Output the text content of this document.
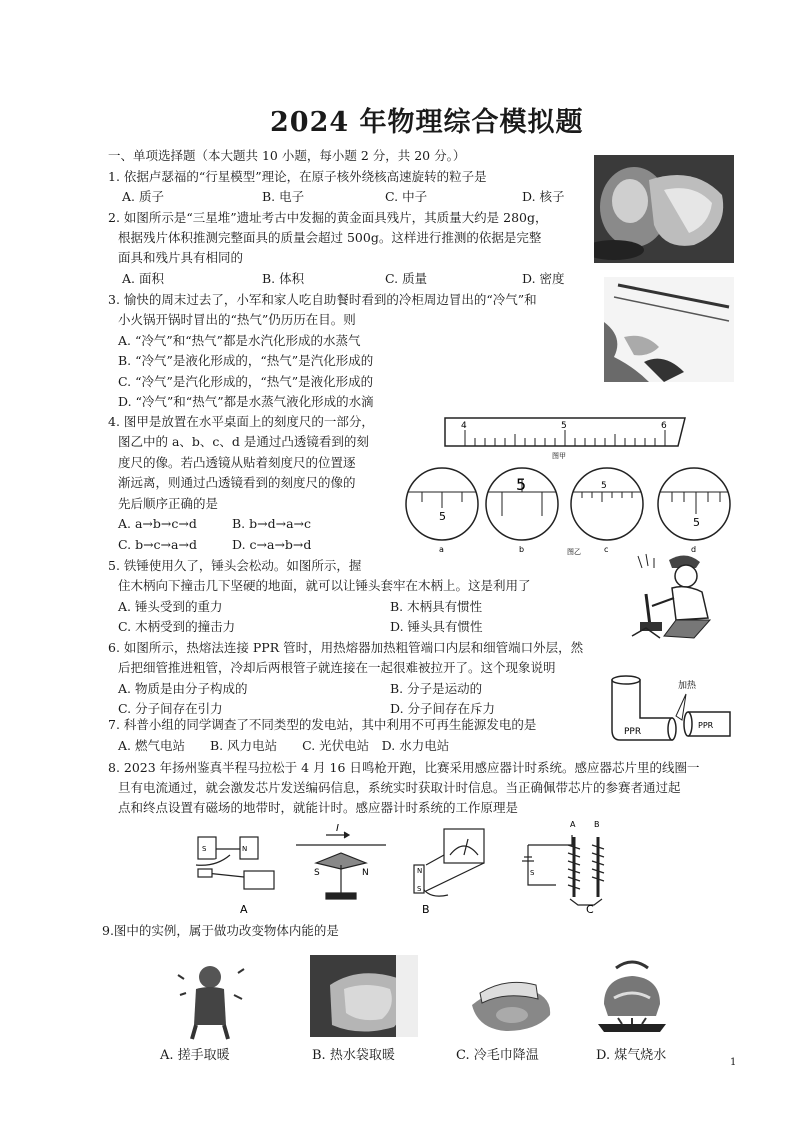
2024 年物理综合模拟题
一、单项选择题（本大题共 10 小题，每小题 2 分，共 20 分。）
1. 依据卢瑟福的“行星模型”理论，在原子核外绕核高速旋转的粒子是
A. 质子	B. 电子	C. 中子	D. 核子
2. 如图所示是“三星堆”遗址考古中发掘的黄金面具残片，其质量大约是 280g，
根据残片体积推测完整面具的质量会超过 500g。这样进行推测的依据是完整
面具和残片具有相同的
A. 面积	B. 体积	C. 质量	D. 密度
3. 愉快的周末过去了，小军和家人吃自助餐时看到的冷柜周边冒出的“冷气”和
小火锅开锅时冒出的“热气”仍历历在目。则
A. “冷气”和“热气”都是水汽化形成的水蒸气
B. “冷气”是液化形成的，“热气”是汽化形成的
C. “冷气”是汽化形成的，“热气”是液化形成的
D. “冷气”和“热气”都是水蒸气液化形成的水滴
4. 图甲是放置在水平桌面上的刻度尺的一部分，
图乙中的 a、b、c、d 是通过凸透镜看到的刻
度尺的像。若凸透镜从贴着刻度尺的位置逐
渐远离，则通过凸透镜看到的刻度尺的像的
先后顺序正确的是
A. a→b→c→d	B. b→d→a→c
C. b→c→a→d	D. c→a→b→d
4	5	6
图甲
5
5	5
5
a	b	图乙	c	d
5. 铁锤使用久了，锤头会松动。如图所示，握
住木柄向下撞击几下坚硬的地面，就可以让锤头套牢在木柄上。这是利用了
A. 锤头受到的重力	B. 木柄具有惯性
C. 木柄受到的撞击力	D. 锤头具有惯性
6. 如图所示，热熔法连接 PPR 管时，用热熔器加热粗管端口内层和细管端口外层，然
后把细管推进粗管，冷却后两根管子就连接在一起很难被拉开了。这个现象说明
A. 物质是由分子构成的	B. 分子是运动的
C. 分子间存在引力	D. 分子间存在斥力
加热
PPR
PPR
7. 科普小组的同学调查了不同类型的发电站，其中利用不可再生能源发电的是
A. 燃气电站　　B. 风力电站　　C. 光伏电站　D. 水力电站
8. 2023 年扬州鉴真半程马拉松于 4 月 16 日鸣枪开跑，比赛采用感应器计时系统。感应器芯片里的线圈一
旦有电流通过，就会激发芯片发送编码信息，系统实时获取计时信息。当正确佩带芯片的参赛者通过起
点和终点设置有磁场的地带时，就能计时。感应器计时系统的工作原理是
S	N
A
I
S	N	N
S
B
A B
S
C
9.图中的实例，属于做功改变物体内能的是
A. 搓手取暖	B. 热水袋取暖	C. 冷毛巾降温	D. 煤气烧水	1
